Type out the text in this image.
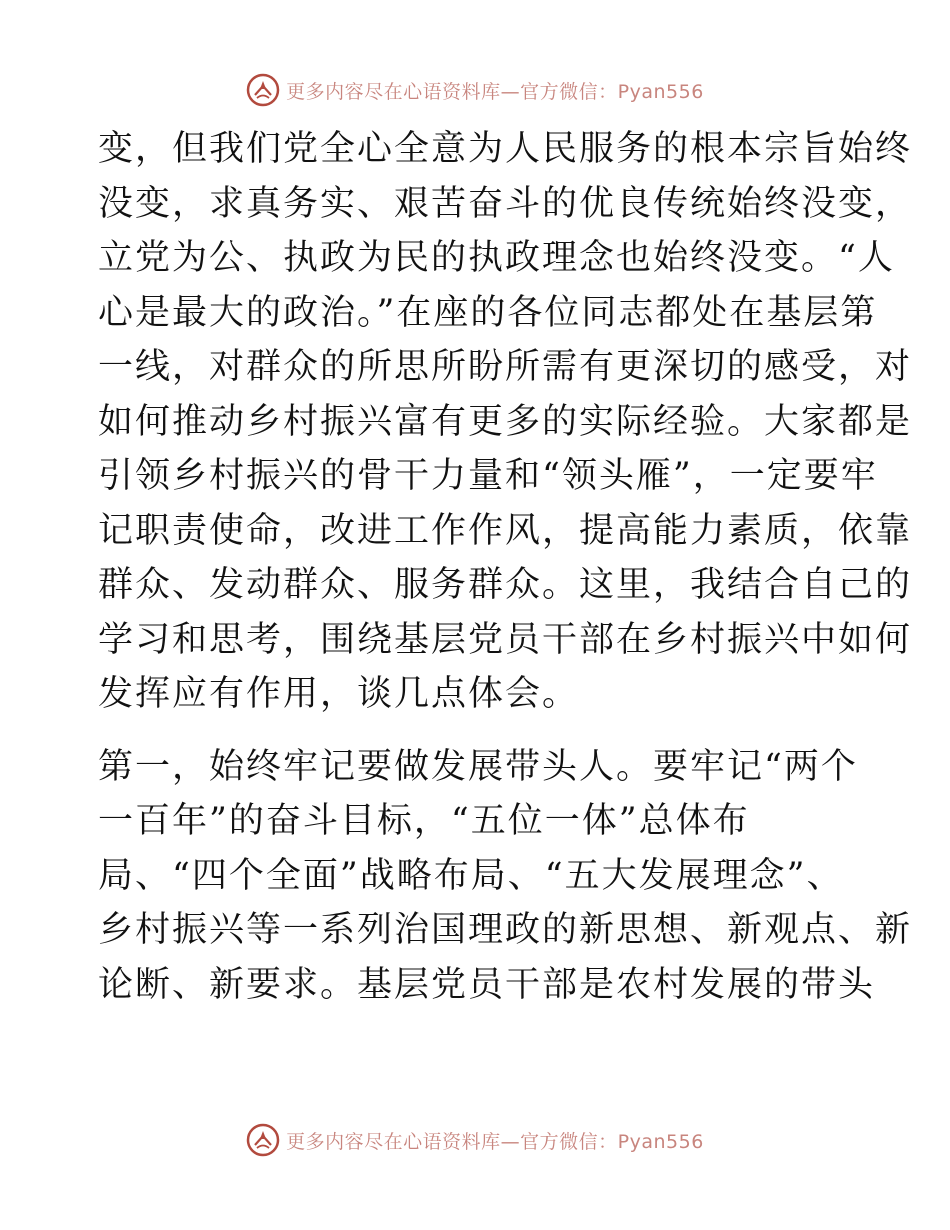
更多内容尽在心语资料库—官方微信：Pyan556

变，但我们党全心全意为人民服务的根本宗旨始终
没变，求真务实、艰苦奋斗的优良传统始终没变，
立党为公、执政为民的执政理念也始终没变。“人
心是最大的政治。”在座的各位同志都处在基层第
一线，对群众的所思所盼所需有更深切的感受，对
如何推动乡村振兴富有更多的实际经验。大家都是
引领乡村振兴的骨干力量和“领头雁”，一定要牢
记职责使命，改进工作作风，提高能力素质，依靠
群众、发动群众、服务群众。这里，我结合自己的
学习和思考，围绕基层党员干部在乡村振兴中如何
发挥应有作用，谈几点体会。

第一，始终牢记要做发展带头人。要牢记“两个
一百年”的奋斗目标，“五位一体”总体布
局、“四个全面”战略布局、“五大发展理念”、
乡村振兴等一系列治国理政的新思想、新观点、新
论断、新要求。基层党员干部是农村发展的带头

更多内容尽在心语资料库—官方微信：Pyan556
